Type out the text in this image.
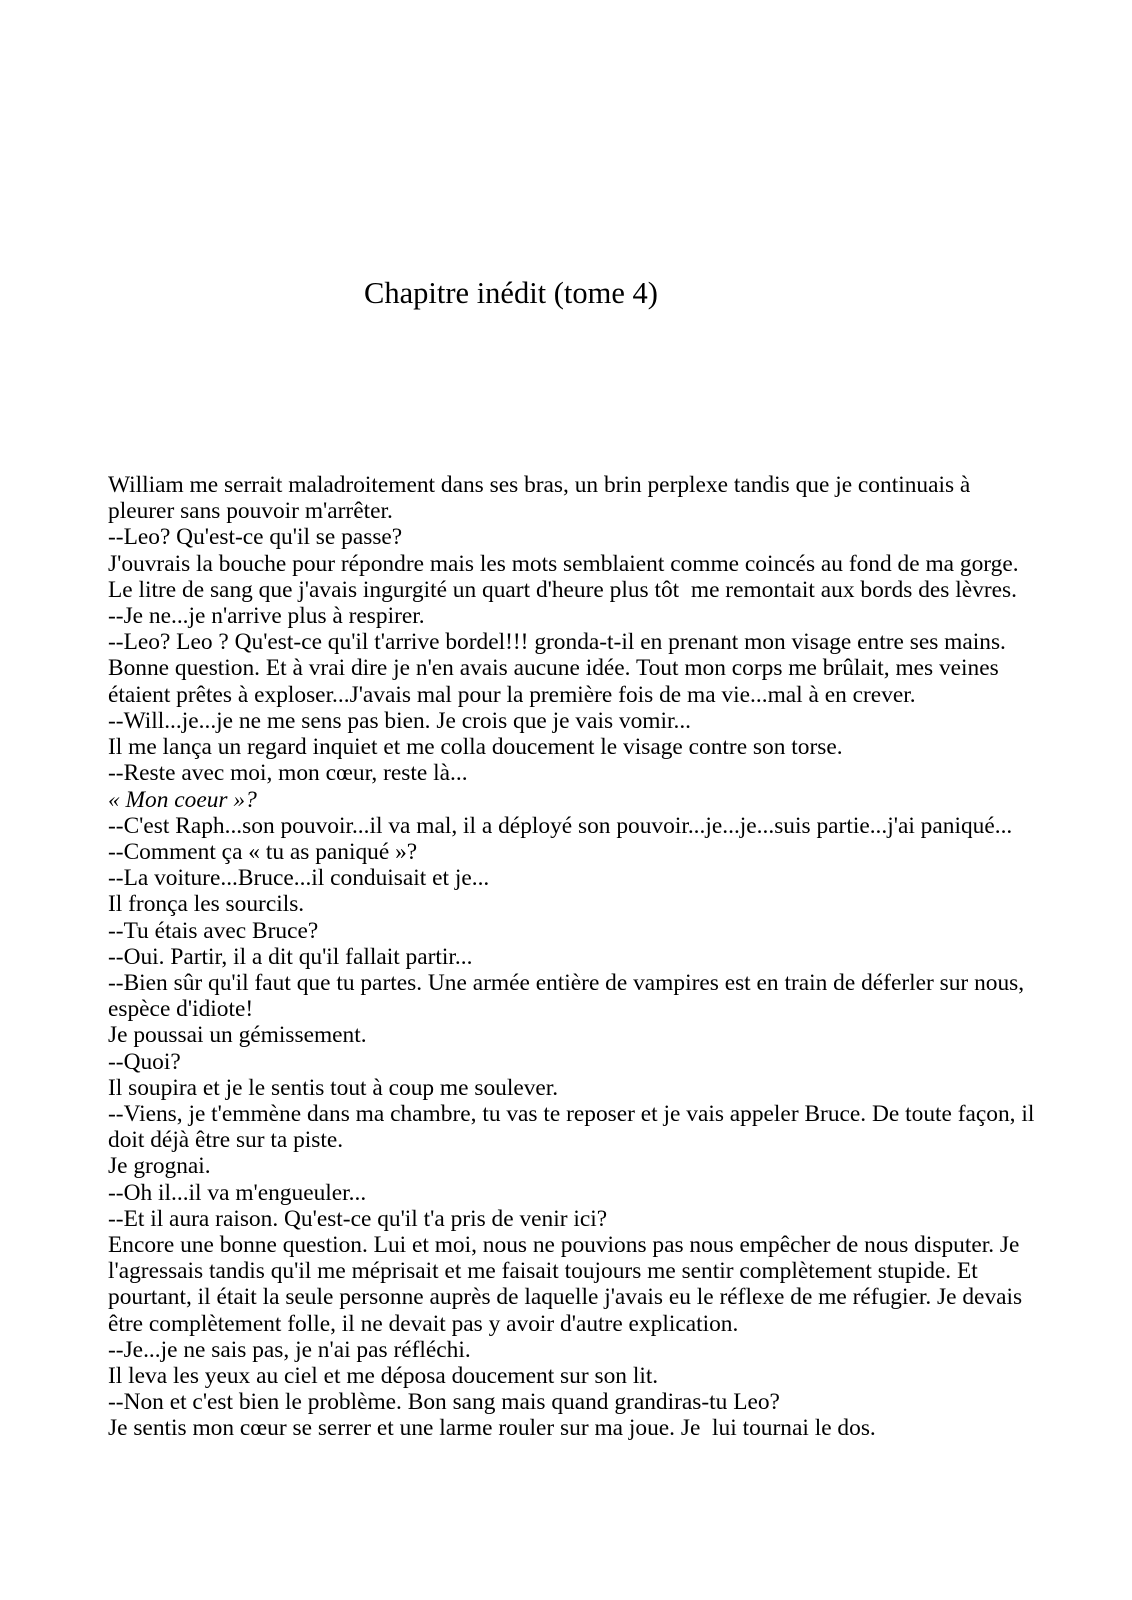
Chapitre inédit (tome 4)

William me serrait maladroitement dans ses bras, un brin perplexe tandis que je continuais à pleurer sans pouvoir m'arrêter.

--Leo? Qu'est-ce qu'il se passe?

J'ouvrais la bouche pour répondre mais les mots semblaient comme coincés au fond de ma gorge.

Le litre de sang que j'avais ingurgité un quart d'heure plus tôt  me remontait aux bords des lèvres.

--Je ne...je n'arrive plus à respirer.

--Leo? Leo ? Qu'est-ce qu'il t'arrive bordel!!! gronda-t-il en prenant mon visage entre ses mains.

Bonne question. Et à vrai dire je n'en avais aucune idée. Tout mon corps me brûlait, mes veines étaient prêtes à exploser...J'avais mal pour la première fois de ma vie...mal à en crever.

--Will...je...je ne me sens pas bien. Je crois que je vais vomir...

Il me lança un regard inquiet et me colla doucement le visage contre son torse.

--Reste avec moi, mon cœur, reste là...

« Mon coeur »?

--C'est Raph...son pouvoir...il va mal, il a déployé son pouvoir...je...je...suis partie...j'ai paniqué...

--Comment ça « tu as paniqué »?

--La voiture...Bruce...il conduisait et je...

Il fronça les sourcils.

--Tu étais avec Bruce?

--Oui. Partir, il a dit qu'il fallait partir...

--Bien sûr qu'il faut que tu partes. Une armée entière de vampires est en train de déferler sur nous, espèce d'idiote!

Je poussai un gémissement.

--Quoi?

Il soupira et je le sentis tout à coup me soulever.

--Viens, je t'emmène dans ma chambre, tu vas te reposer et je vais appeler Bruce. De toute façon, il doit déjà être sur ta piste.

Je grognai.

--Oh il...il va m'engueuler...

--Et il aura raison. Qu'est-ce qu'il t'a pris de venir ici?

Encore une bonne question. Lui et moi, nous ne pouvions pas nous empêcher de nous disputer. Je l'agressais tandis qu'il me méprisait et me faisait toujours me sentir complètement stupide. Et pourtant, il était la seule personne auprès de laquelle j'avais eu le réflexe de me réfugier. Je devais être complètement folle, il ne devait pas y avoir d'autre explication.

--Je...je ne sais pas, je n'ai pas réfléchi.

Il leva les yeux au ciel et me déposa doucement sur son lit.

--Non et c'est bien le problème. Bon sang mais quand grandiras-tu Leo?

Je sentis mon cœur se serrer et une larme rouler sur ma joue. Je  lui tournai le dos.
